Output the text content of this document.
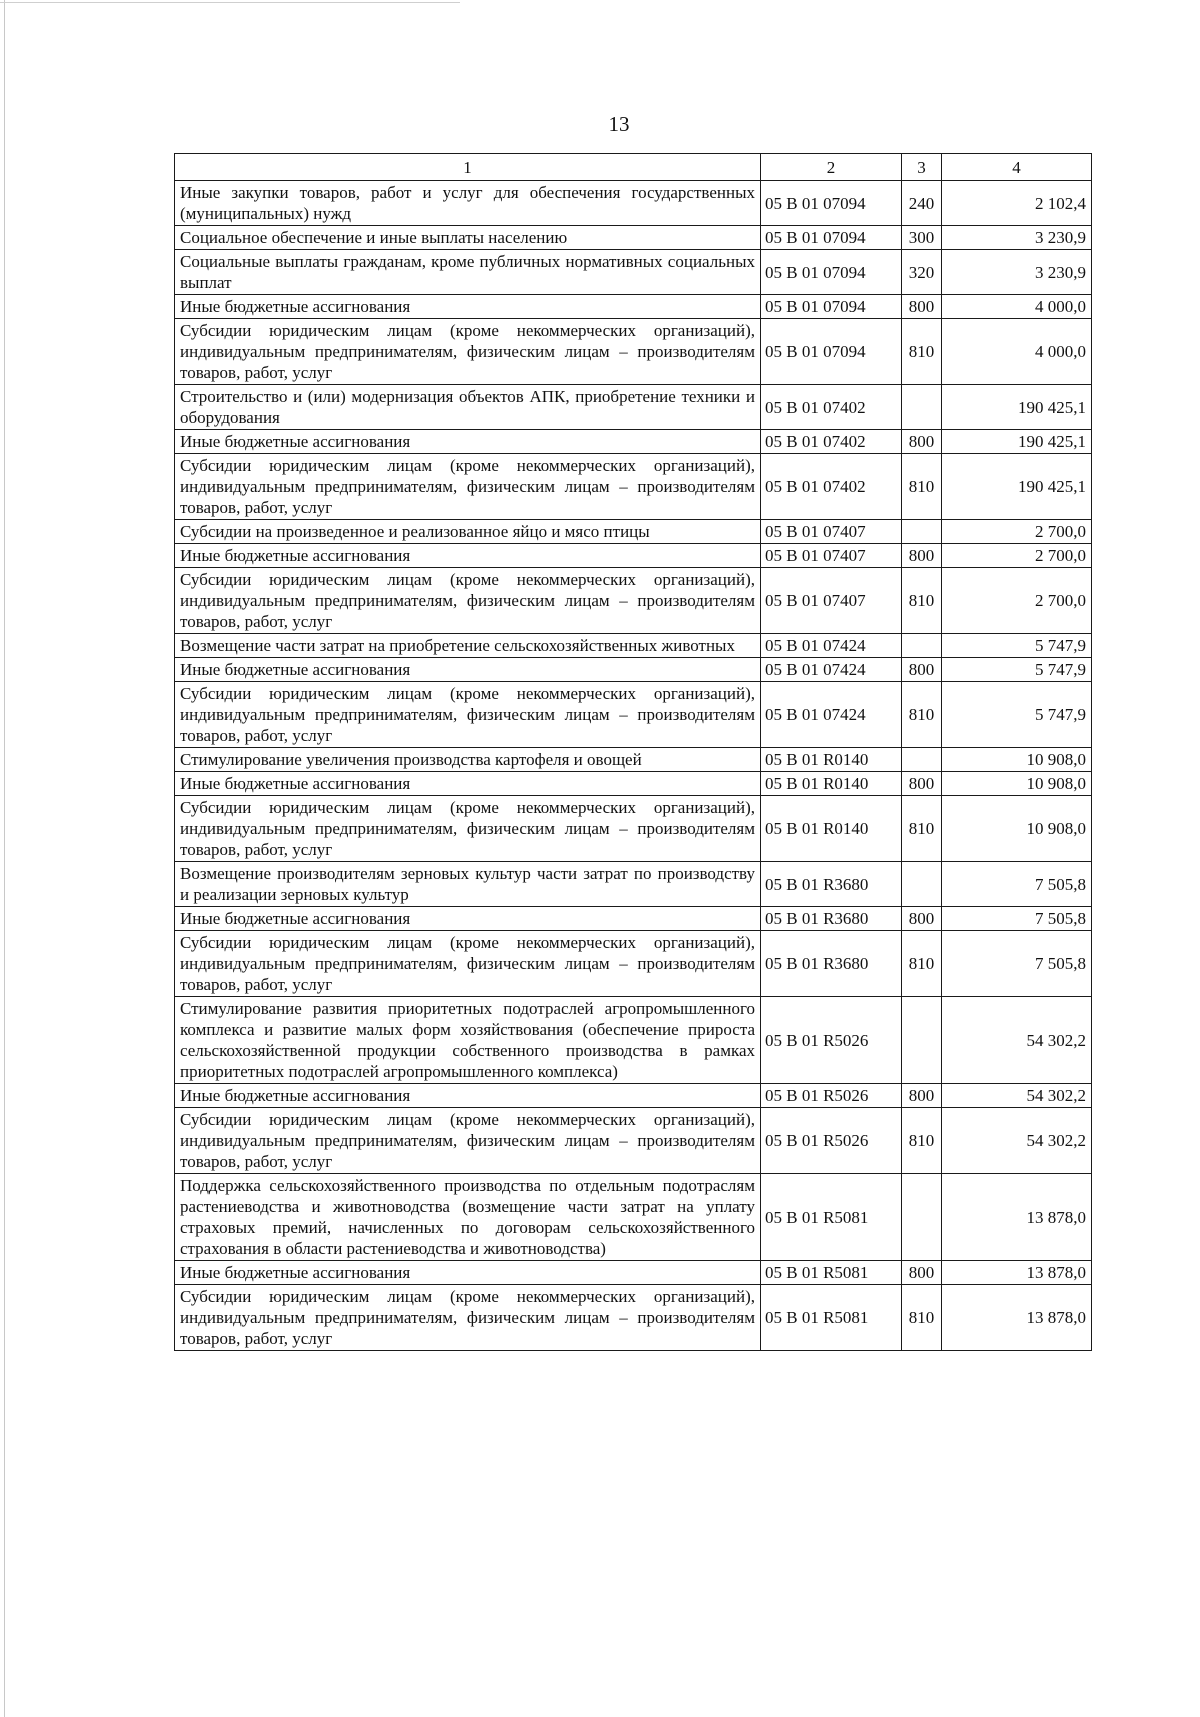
13
1	2	3	4
Иные закупки товаров, работ и услуг для обеспечения государственных (муниципальных) нужд	05 В 01 07094	240	2 102,4
Социальное обеспечение и иные выплаты населению	05 В 01 07094	300	3 230,9
Социальные выплаты гражданам, кроме публичных нормативных социальных выплат	05 В 01 07094	320	3 230,9
Иные бюджетные ассигнования	05 В 01 07094	800	4 000,0
Субсидии юридическим лицам (кроме некоммерческих организаций), индивидуальным предпринимателям, физическим лицам – производителям товаров, работ, услуг	05 В 01 07094	810	4 000,0
Строительство и (или) модернизация объектов АПК, приобретение техники и оборудования	05 В 01 07402		190 425,1
Иные бюджетные ассигнования	05 В 01 07402	800	190 425,1
Субсидии юридическим лицам (кроме некоммерческих организаций), индивидуальным предпринимателям, физическим лицам – производителям товаров, работ, услуг	05 В 01 07402	810	190 425,1
Субсидии на произведенное и реализованное яйцо и мясо птицы	05 В 01 07407		2 700,0
Иные бюджетные ассигнования	05 В 01 07407	800	2 700,0
Субсидии юридическим лицам (кроме некоммерческих организаций), индивидуальным предпринимателям, физическим лицам – производителям товаров, работ, услуг	05 В 01 07407	810	2 700,0
Возмещение части затрат на приобретение сельскохозяйственных животных	05 В 01 07424		5 747,9
Иные бюджетные ассигнования	05 В 01 07424	800	5 747,9
Субсидии юридическим лицам (кроме некоммерческих организаций), индивидуальным предпринимателям, физическим лицам – производителям товаров, работ, услуг	05 В 01 07424	810	5 747,9
Стимулирование увеличения производства картофеля и овощей	05 В 01 R0140		10 908,0
Иные бюджетные ассигнования	05 В 01 R0140	800	10 908,0
Субсидии юридическим лицам (кроме некоммерческих организаций), индивидуальным предпринимателям, физическим лицам – производителям товаров, работ, услуг	05 В 01 R0140	810	10 908,0
Возмещение производителям зерновых культур части затрат по производству и реализации зерновых культур	05 В 01 R3680		7 505,8
Иные бюджетные ассигнования	05 В 01 R3680	800	7 505,8
Субсидии юридическим лицам (кроме некоммерческих организаций), индивидуальным предпринимателям, физическим лицам – производителям товаров, работ, услуг	05 В 01 R3680	810	7 505,8
Стимулирование развития приоритетных подотраслей агропромышленного комплекса и развитие малых форм хозяйствования (обеспечение прироста сельскохозяйственной продукции собственного производства в рамках приоритетных подотраслей агропромышленного комплекса)	05 В 01 R5026		54 302,2
Иные бюджетные ассигнования	05 В 01 R5026	800	54 302,2
Субсидии юридическим лицам (кроме некоммерческих организаций), индивидуальным предпринимателям, физическим лицам – производителям товаров, работ, услуг	05 В 01 R5026	810	54 302,2
Поддержка сельскохозяйственного производства по отдельным подотраслям растениеводства и животноводства (возмещение части затрат на уплату страховых премий, начисленных по договорам сельскохозяйственного страхования в области растениеводства и животноводства)	05 В 01 R5081		13 878,0
Иные бюджетные ассигнования	05 В 01 R5081	800	13 878,0
Субсидии юридическим лицам (кроме некоммерческих организаций), индивидуальным предпринимателям, физическим лицам – производителям товаров, работ, услуг	05 В 01 R5081	810	13 878,0
